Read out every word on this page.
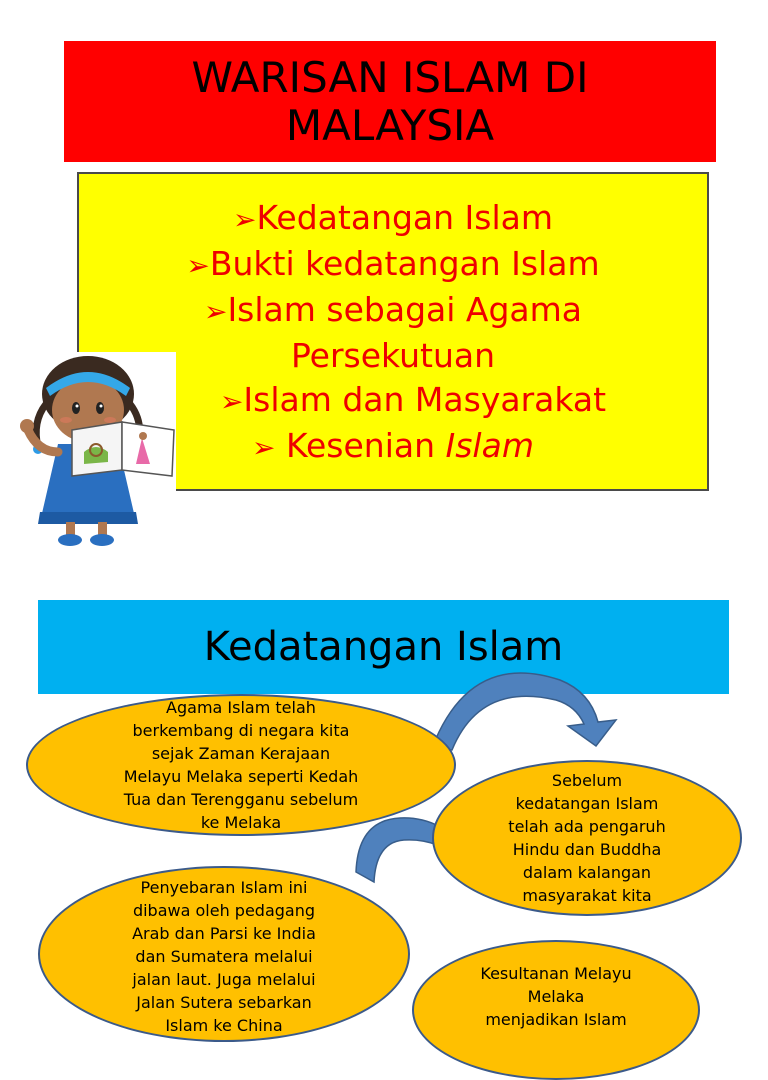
WARISAN ISLAM DI
MALAYSIA
➢Kedatangan Islam
➢Bukti kedatangan Islam
➢Islam sebagai Agama
Persekutuan
➢Islam dan Masyarakat
➢ Kesenian Islam
Kedatangan Islam
Agama Islam telah
berkembang di negara kita
sejak Zaman Kerajaan
Melayu Melaka seperti Kedah
Tua dan Terengganu sebelum
ke Melaka
Sebelum
kedatangan Islam
telah ada pengaruh
Hindu dan Buddha
dalam kalangan
masyarakat kita
Penyebaran Islam ini
dibawa oleh pedagang
Arab dan Parsi ke India
dan Sumatera melalui
jalan laut. Juga melalui
Jalan Sutera sebarkan
Islam ke China
Kesultanan Melayu
Melaka
menjadikan Islam
